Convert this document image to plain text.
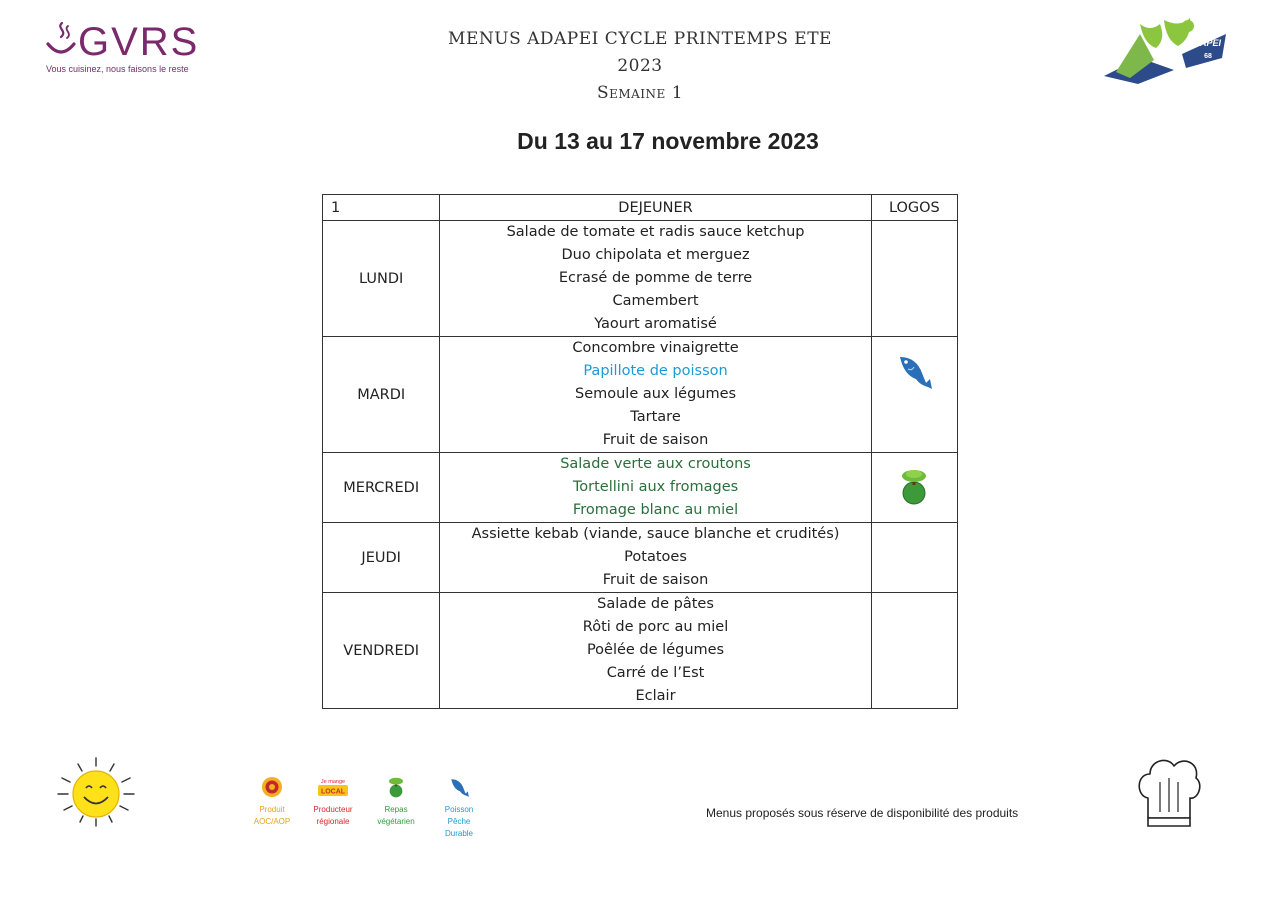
GVRS
Vous cuisinez, nous faisons le reste
MENUS ADAPEI CYCLE PRINTEMPS ETE 2023
Semaine 1
ADAPEI
68
Du 13 au 17 novembre 2023
1	DEJEUNER	LOGOS
LUNDI	Salade de tomate et radis sauce ketchup
Duo chipolata et merguez
Ecrasé de pomme de terre
Camembert
Yaourt aromatisé	

MARDI	Concombre vinaigrette
Papillote de poisson
Semoule aux légumes
Tartare
Fruit de saison

MERCREDI	Salade verte aux croutons
Tortellini aux fromages
Fromage blanc au miel

JEUDI	Assiette kebab (viande, sauce blanche et crudités)
Potatoes
Fruit de saison	

VENDREDI	Salade de pâtes
Rôti de porc au miel
Poêlée de légumes
Carré de l’Est
Eclair	

Produit
AOC/AOP
Je mange
LOCAL
Producteur
régionale
Repas
végétarien
Poisson
Pêche
Durable
Menus proposés sous réserve de disponibilité des produits
